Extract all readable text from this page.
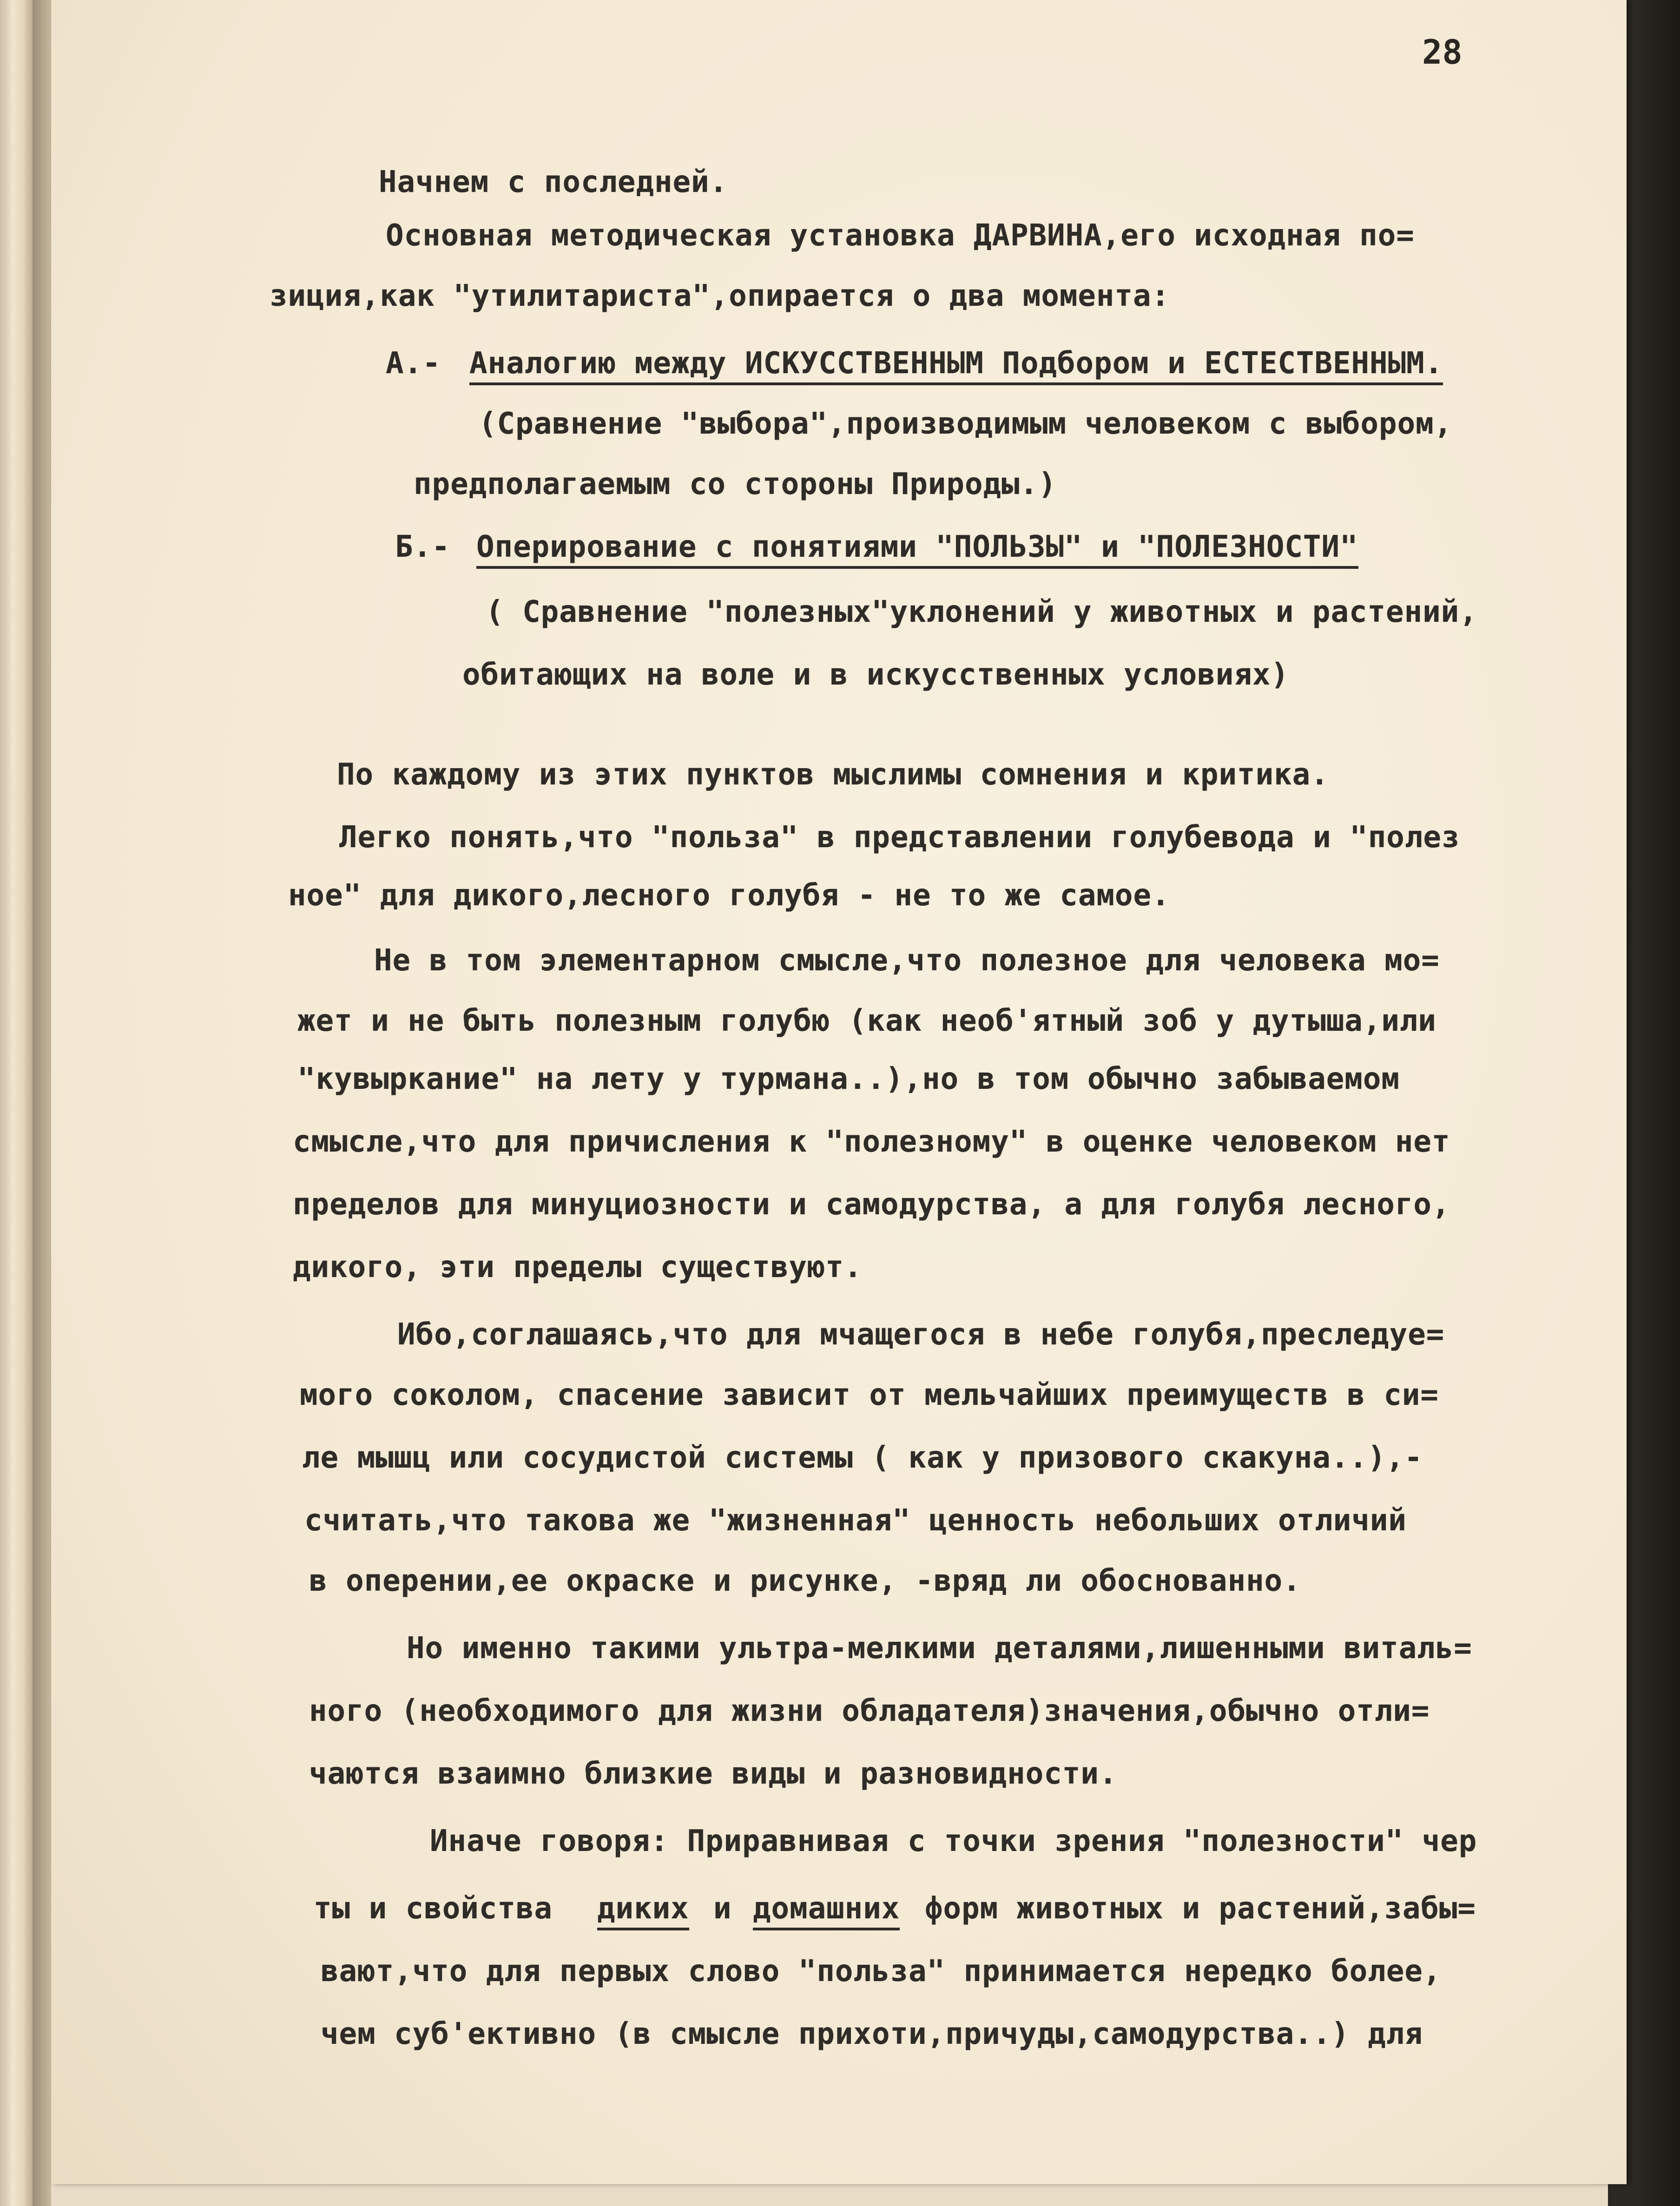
28
Начнем с последней.
Основная методическая установка ДАРВИНА,его исходная по=
зиция,как "утилитариста",опирается о два момента:
А.- Аналогию между ИСКУССТВЕННЫМ Подбором и ЕСТЕСТВЕННЫМ.
(Сравнение "выбора",производимым человеком с выбором,
предполагаемым со стороны Природы.)
Б.- Оперирование с понятиями "ПОЛЬЗЫ" и "ПОЛЕЗНОСТИ"
( Сравнение "полезных"уклонений у животных и растений,
обитающих на воле и в искусственных условиях)
По каждому из этих пунктов мыслимы сомнения и критика.
Легко понять,что "польза" в представлении голубевода и "полез
ное" для дикого,лесного голубя - не то же самое.
Не в том элементарном смысле,что полезное для человека мо=
жет и не быть полезным голубю (как необ'ятный зоб у дутыша,или
"кувыркание" на лету у турмана..),но в том обычно забываемом
смысле,что для причисления к "полезному" в оценке человеком нет
пределов для минуциозности и самодурства, а для голубя лесного,
дикого, эти пределы существуют.
Ибо,соглашаясь,что для мчащегося в небе голубя,преследуе=
мого соколом, спасение зависит от мельчайших преимуществ в си=
ле мышц или сосудистой системы ( как у призового скакуна..),-
считать,что такова же "жизненная" ценность небольших отличий
в оперении,ее окраске и рисунке, -вряд ли обоснованно.
Но именно такими ультра-мелкими деталями,лишенными виталь=
ного (необходимого для жизни обладателя)значения,обычно отли=
чаются взаимно близкие виды и разновидности.
Иначе говоря: Приравнивая с точки зрения "полезности" чер
ты и свойства диких и домашних форм животных и растений,забы=
вают,что для первых слово "польза" принимается нередко более,
чем суб'ективно (в смысле прихоти,причуды,самодурства..) для
